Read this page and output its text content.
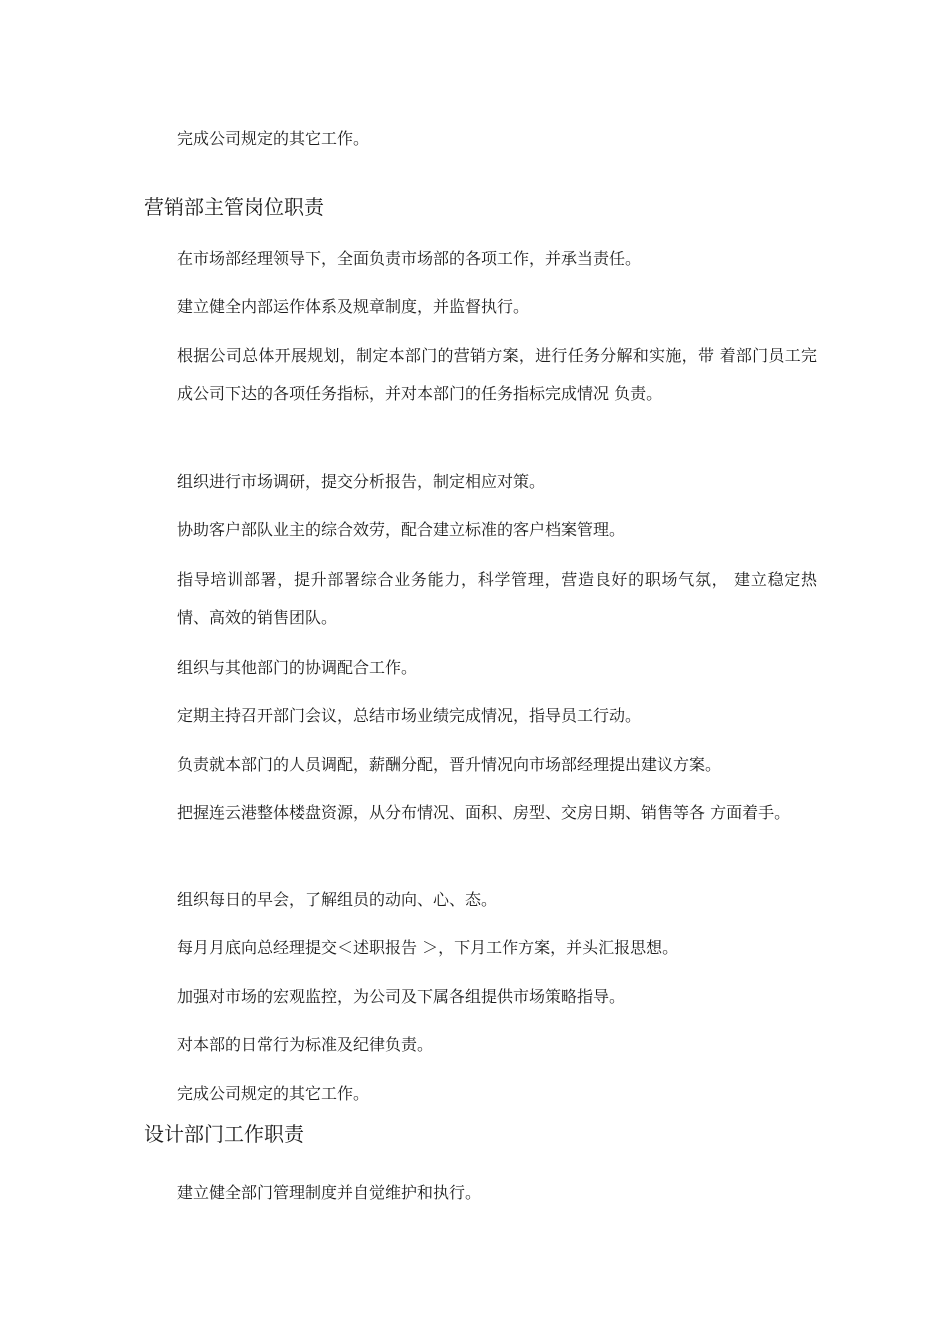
完成公司规定的其它工作。

营销部主管岗位职责

在市场部经理领导下，全面负责市场部的各项工作，并承当责任。

建立健全内部运作体系及规章制度，并监督执行。

根据公司总体开展规划，制定本部门的营销方案，进行任务分解和实施，带 着部门员工完成公司下达的各项任务指标，并对本部门的任务指标完成情况 负责。

组织进行市场调研，提交分析报告，制定相应对策。

协助客户部队业主的综合效劳，配合建立标准的客户档案管理。

指导培训部署，提升部署综合业务能力，科学管理，营造良好的职场气氛， 建立稳定热情、高效的销售团队。

组织与其他部门的协调配合工作。

定期主持召开部门会议，总结市场业绩完成情况，指导员工行动。

负责就本部门的人员调配，薪酬分配，晋升情况向市场部经理提出建议方案。

把握连云港整体楼盘资源，从分布情况、面积、房型、交房日期、销售等各 方面着手。

组织每日的早会，了解组员的动向、心、态。

每月月底向总经理提交＜述职报告 ＞，下月工作方案，并头汇报思想。

加强对市场的宏观监控，为公司及下属各组提供市场策略指导。

对本部的日常行为标准及纪律负责。

完成公司规定的其它工作。

设计部门工作职责

建立健全部门管理制度并自觉维护和执行。
